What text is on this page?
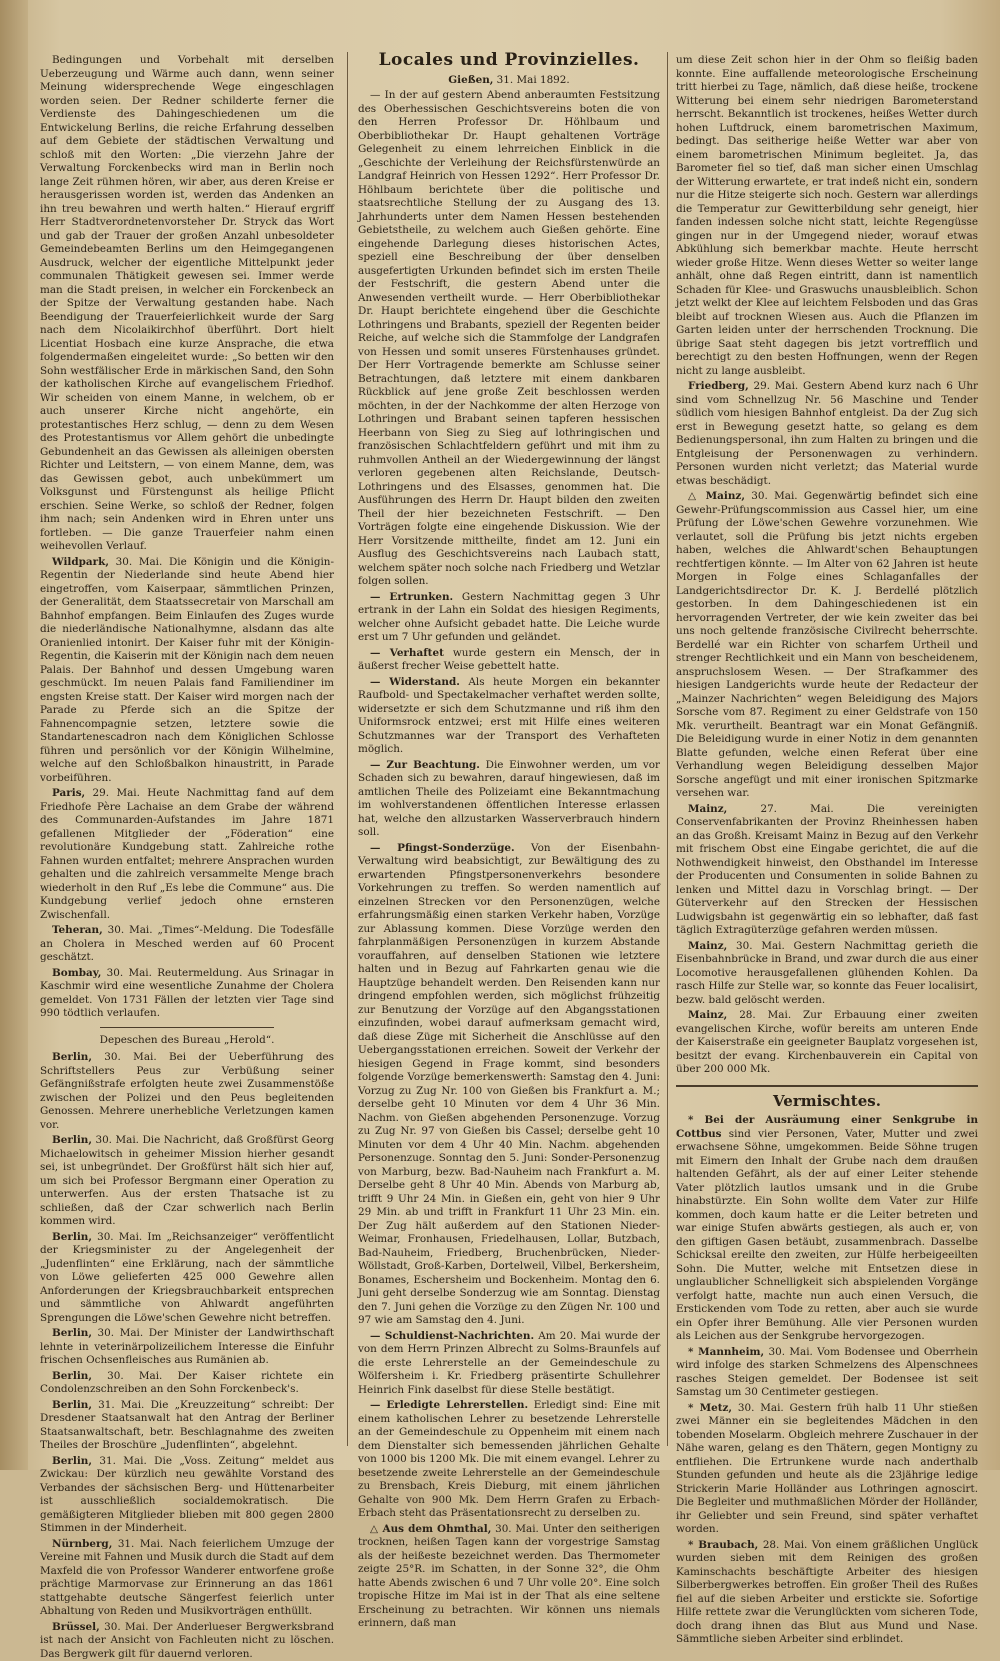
Bedingungen und Vorbehalt mit derselben Ueberzeugung und Wärme auch dann, wenn seiner Meinung widersprechende Wege eingeschlagen worden seien. Der Redner schilderte ferner die Verdienste des Dahingeschiedenen um die Entwickelung Berlins, die reiche Erfahrung desselben auf dem Gebiete der städtischen Verwaltung und schloß mit den Worten: „Die vierzehn Jahre der Verwaltung Forckenbecks wird man in Berlin noch lange Zeit rühmen hören, wir aber, aus deren Kreise er herausgerissen worden ist, werden das Andenken an ihn treu bewahren und werth halten.“ Hierauf ergriff Herr Stadtverordnetenvorsteher Dr. Stryck das Wort und gab der Trauer der großen Anzahl unbesoldeter Gemeindebeamten Berlins um den Heimgegangenen Ausdruck, welcher der eigentliche Mittelpunkt jeder communalen Thätigkeit gewesen sei. Immer werde man die Stadt preisen, in welcher ein Forckenbeck an der Spitze der Verwaltung gestanden habe. Nach Beendigung der Trauerfeierlichkeit wurde der Sarg nach dem Nicolaikirchhof überführt. Dort hielt Licentiat Hosbach eine kurze Ansprache, die etwa folgendermaßen eingeleitet wurde: „So betten wir den Sohn westfälischer Erde in märkischen Sand, den Sohn der katholischen Kirche auf evangelischem Friedhof. Wir scheiden von einem Manne, in welchem, ob er auch unserer Kirche nicht angehörte, ein protestantisches Herz schlug, — denn zu dem Wesen des Protestantismus vor Allem gehört die unbedingte Gebundenheit an das Gewissen als alleinigen obersten Richter und Leitstern, — von einem Manne, dem, was das Gewissen gebot, auch unbekümmert um Volksgunst und Fürstengunst als heilige Pflicht erschien. Seine Werke, so schloß der Redner, folgen ihm nach; sein Andenken wird in Ehren unter uns fortleben. — Die ganze Trauerfeier nahm einen weihevollen Verlauf.

Wildpark, 30. Mai. Die Königin und die Königin-Regentin der Niederlande sind heute Abend hier eingetroffen, vom Kaiserpaar, sämmtlichen Prinzen, der Generalität, dem Staatssecretair von Marschall am Bahnhof empfangen. Beim Einlaufen des Zuges wurde die niederländische Nationalhymne, alsdann das alte Oranienlied intonirt. Der Kaiser fuhr mit der Königin-Regentin, die Kaiserin mit der Königin nach dem neuen Palais. Der Bahnhof und dessen Umgebung waren geschmückt. Im neuen Palais fand Familiendiner im engsten Kreise statt. Der Kaiser wird morgen nach der Parade zu Pferde sich an die Spitze der Fahnencompagnie setzen, letztere sowie die Standartenescadron nach dem Königlichen Schlosse führen und persönlich vor der Königin Wilhelmine, welche auf den Schloßbalkon hinaustritt, in Parade vorbeiführen.

Paris, 29. Mai. Heute Nachmittag fand auf dem Friedhofe Père Lachaise an dem Grabe der während des Communarden-Aufstandes im Jahre 1871 gefallenen Mitglieder der „Föderation“ eine revolutionäre Kundgebung statt. Zahlreiche rothe Fahnen wurden entfaltet; mehrere Ansprachen wurden gehalten und die zahlreich versammelte Menge brach wiederholt in den Ruf „Es lebe die Commune“ aus. Die Kundgebung verlief jedoch ohne ernsteren Zwischenfall.

Teheran, 30. Mai. „Times“-Meldung. Die Todesfälle an Cholera in Mesched werden auf 60 Procent geschätzt.

Bombay, 30. Mai. Reutermeldung. Aus Srinagar in Kaschmir wird eine wesentliche Zunahme der Cholera gemeldet. Von 1731 Fällen der letzten vier Tage sind 990 tödtlich verlaufen.

Depeschen des Bureau „Herold“.

Berlin, 30. Mai. Bei der Ueberführung des Schriftstellers Peus zur Verbüßung seiner Gefängnißstrafe erfolgten heute zwei Zusammenstöße zwischen der Polizei und den Peus begleitenden Genossen. Mehrere unerhebliche Verletzungen kamen vor.

Berlin, 30. Mai. Die Nachricht, daß Großfürst Georg Michaelowitsch in geheimer Mission hierher gesandt sei, ist unbegründet. Der Großfürst hält sich hier auf, um sich bei Professor Bergmann einer Operation zu unterwerfen. Aus der ersten Thatsache ist zu schließen, daß der Czar schwerlich nach Berlin kommen wird.

Berlin, 30. Mai. Im „Reichsanzeiger“ veröffentlicht der Kriegsminister zu der Angelegenheit der „Judenflinten“ eine Erklärung, nach der sämmtliche von Löwe gelieferten 425 000 Gewehre allen Anforderungen der Kriegsbrauchbarkeit entsprechen und sämmtliche von Ahlwardt angeführten Sprengungen die Löwe'schen Gewehre nicht betreffen.

Berlin, 30. Mai. Der Minister der Landwirthschaft lehnte in veterinärpolizeilichem Interesse die Einfuhr frischen Ochsenfleisches aus Rumänien ab.

Berlin, 30. Mai. Der Kaiser richtete ein Condolenzschreiben an den Sohn Forckenbeck's.

Berlin, 31. Mai. Die „Kreuzzeitung“ schreibt: Der Dresdener Staatsanwalt hat den Antrag der Berliner Staatsanwaltschaft, betr. Beschlagnahme des zweiten Theiles der Broschüre „Judenflinten“, abgelehnt.

Berlin, 31. Mai. Die „Voss. Zeitung“ meldet aus Zwickau: Der kürzlich neu gewählte Vorstand des Verbandes der sächsischen Berg- und Hüttenarbeiter ist ausschließlich socialdemokratisch. Die gemäßigteren Mitglieder blieben mit 800 gegen 2800 Stimmen in der Minderheit.

Nürnberg, 31. Mai. Nach feierlichem Umzuge der Vereine mit Fahnen und Musik durch die Stadt auf dem Maxfeld die von Professor Wanderer entworfene große prächtige Marmorvase zur Erinnerung an das 1861 stattgehabte deutsche Sängerfest feierlich unter Abhaltung von Reden und Musikvorträgen enthüllt.

Brüssel, 30. Mai. Der Anderlueser Bergwerksbrand ist nach der Ansicht von Fachleuten nicht zu löschen. Das Bergwerk gilt für dauernd verloren.

Locales und Provinzielles.

Gießen, 31. Mai 1892.

— In der auf gestern Abend anberaumten Festsitzung des Oberhessischen Geschichtsvereins boten die von den Herren Professor Dr. Höhlbaum und Oberbibliothekar Dr. Haupt gehaltenen Vorträge Gelegenheit zu einem lehrreichen Einblick in die „Geschichte der Verleihung der Reichsfürstenwürde an Landgraf Heinrich von Hessen 1292“. Herr Professor Dr. Höhlbaum berichtete über die politische und staatsrechtliche Stellung der zu Ausgang des 13. Jahrhunderts unter dem Namen Hessen bestehenden Gebietstheile, zu welchem auch Gießen gehörte. Eine eingehende Darlegung dieses historischen Actes, speziell eine Beschreibung der über denselben ausgefertigten Urkunden befindet sich im ersten Theile der Festschrift, die gestern Abend unter die Anwesenden vertheilt wurde. — Herr Oberbibliothekar Dr. Haupt berichtete eingehend über die Geschichte Lothringens und Brabants, speziell der Regenten beider Reiche, auf welche sich die Stammfolge der Landgrafen von Hessen und somit unseres Fürstenhauses gründet. Der Herr Vortragende bemerkte am Schlusse seiner Betrachtungen, daß letztere mit einem dankbaren Rückblick auf jene große Zeit beschlossen werden möchten, in der der Nachkomme der alten Herzoge von Lothringen und Brabant seinen tapferen hessischen Heerbann von Sieg zu Sieg auf lothringischen und französischen Schlachtfeldern geführt und mit ihm zu ruhmvollen Antheil an der Wiedergewinnung der längst verloren gegebenen alten Reichslande, Deutsch-Lothringens und des Elsasses, genommen hat. Die Ausführungen des Herrn Dr. Haupt bilden den zweiten Theil der hier bezeichneten Festschrift. — Den Vorträgen folgte eine eingehende Diskussion. Wie der Herr Vorsitzende mittheilte, findet am 12. Juni ein Ausflug des Geschichtsvereins nach Laubach statt, welchem später noch solche nach Friedberg und Wetzlar folgen sollen.

— Ertrunken. Gestern Nachmittag gegen 3 Uhr ertrank in der Lahn ein Soldat des hiesigen Regiments, welcher ohne Aufsicht gebadet hatte. Die Leiche wurde erst um 7 Uhr gefunden und geländet.

— Verhaftet wurde gestern ein Mensch, der in äußerst frecher Weise gebettelt hatte.

— Widerstand. Als heute Morgen ein bekannter Raufbold- und Spectakelmacher verhaftet werden sollte, widersetzte er sich dem Schutzmanne und riß ihm den Uniformsrock entzwei; erst mit Hilfe eines weiteren Schutzmannes war der Transport des Verhafteten möglich.

— Zur Beachtung. Die Einwohner werden, um vor Schaden sich zu bewahren, darauf hingewiesen, daß im amtlichen Theile des Polizeiamt eine Bekanntmachung im wohlverstandenen öffentlichen Interesse erlassen hat, welche den allzustarken Wasserverbrauch hindern soll.

— Pfingst-Sonderzüge. Von der Eisenbahn-Verwaltung wird beabsichtigt, zur Bewältigung des zu erwartenden Pfingstpersonenverkehrs besondere Vorkehrungen zu treffen. So werden namentlich auf einzelnen Strecken vor den Personenzügen, welche erfahrungsmäßig einen starken Verkehr haben, Vorzüge zur Ablassung kommen. Diese Vorzüge werden den fahrplanmäßigen Personenzügen in kurzem Abstande vorauffahren, auf denselben Stationen wie letztere halten und in Bezug auf Fahrkarten genau wie die Hauptzüge behandelt werden. Den Reisenden kann nur dringend empfohlen werden, sich möglichst frühzeitig zur Benutzung der Vorzüge auf den Abgangsstationen einzufinden, wobei darauf aufmerksam gemacht wird, daß diese Züge mit Sicherheit die Anschlüsse auf den Uebergangsstationen erreichen. Soweit der Verkehr der hiesigen Gegend in Frage kommt, sind besonders folgende Vorzüge bemerkenswerth: Samstag den 4. Juni: Vorzug zu Zug Nr. 100 von Gießen bis Frankfurt a. M.; derselbe geht 10 Minuten vor dem 4 Uhr 36 Min. Nachm. von Gießen abgehenden Personenzuge. Vorzug zu Zug Nr. 97 von Gießen bis Cassel; derselbe geht 10 Minuten vor dem 4 Uhr 40 Min. Nachm. abgehenden Personenzuge. Sonntag den 5. Juni: Sonder-Personenzug von Marburg, bezw. Bad-Nauheim nach Frankfurt a. M. Derselbe geht 8 Uhr 40 Min. Abends von Marburg ab, trifft 9 Uhr 24 Min. in Gießen ein, geht von hier 9 Uhr 29 Min. ab und trifft in Frankfurt 11 Uhr 23 Min. ein. Der Zug hält außerdem auf den Stationen Nieder-Weimar, Fronhausen, Friedelhausen, Lollar, Butzbach, Bad-Nauheim, Friedberg, Bruchenbrücken, Nieder-Wöllstadt, Groß-Karben, Dortelweil, Vilbel, Berkersheim, Bonames, Eschersheim und Bockenheim. Montag den 6. Juni geht derselbe Sonderzug wie am Sonntag. Dienstag den 7. Juni gehen die Vorzüge zu den Zügen Nr. 100 und 97 wie am Samstag den 4. Juni.

— Schuldienst-Nachrichten. Am 20. Mai wurde der von dem Herrn Prinzen Albrecht zu Solms-Braunfels auf die erste Lehrerstelle an der Gemeindeschule zu Wölfersheim i. Kr. Friedberg präsentirte Schullehrer Heinrich Fink daselbst für diese Stelle bestätigt.

— Erledigte Lehrerstellen. Erledigt sind: Eine mit einem katholischen Lehrer zu besetzende Lehrerstelle an der Gemeindeschule zu Oppenheim mit einem nach dem Dienstalter sich bemessenden jährlichen Gehalte von 1000 bis 1200 Mk. Die mit einem evangel. Lehrer zu besetzende zweite Lehrerstelle an der Gemeindeschule zu Brensbach, Kreis Dieburg, mit einem jährlichen Gehalte von 900 Mk. Dem Herrn Grafen zu Erbach-Erbach steht das Präsentationsrecht zu derselben zu.

△ Aus dem Ohmthal, 30. Mai. Unter den seitherigen trocknen, heißen Tagen kann der vorgestrige Samstag als der heißeste bezeichnet werden. Das Thermometer zeigte 25°R. im Schatten, in der Sonne 32°, die Ohm hatte Abends zwischen 6 und 7 Uhr volle 20°. Eine solch tropische Hitze im Mai ist in der That als eine seltene Erscheinung zu betrachten. Wir können uns niemals erinnern, daß man

um diese Zeit schon hier in der Ohm so fleißig baden konnte. Eine auffallende meteorologische Erscheinung tritt hierbei zu Tage, nämlich, daß diese heiße, trockene Witterung bei einem sehr niedrigen Barometerstand herrscht. Bekanntlich ist trockenes, heißes Wetter durch hohen Luftdruck, einem barometrischen Maximum, bedingt. Das seitherige heiße Wetter war aber von einem barometrischen Minimum begleitet. Ja, das Barometer fiel so tief, daß man sicher einen Umschlag der Witterung erwartete, er trat indeß nicht ein, sondern nur die Hitze steigerte sich noch. Gestern war allerdings die Temperatur zur Gewitterbildung sehr geneigt, hier fanden indessen solche nicht statt, leichte Regengüsse gingen nur in der Umgegend nieder, worauf etwas Abkühlung sich bemerkbar machte. Heute herrscht wieder große Hitze. Wenn dieses Wetter so weiter lange anhält, ohne daß Regen eintritt, dann ist namentlich Schaden für Klee- und Graswuchs unausbleiblich. Schon jetzt welkt der Klee auf leichtem Felsboden und das Gras bleibt auf trocknen Wiesen aus. Auch die Pflanzen im Garten leiden unter der herrschenden Trocknung. Die übrige Saat steht dagegen bis jetzt vortrefflich und berechtigt zu den besten Hoffnungen, wenn der Regen nicht zu lange ausbleibt.

Friedberg, 29. Mai. Gestern Abend kurz nach 6 Uhr sind vom Schnellzug Nr. 56 Maschine und Tender südlich vom hiesigen Bahnhof entgleist. Da der Zug sich erst in Bewegung gesetzt hatte, so gelang es dem Bedienungspersonal, ihn zum Halten zu bringen und die Entgleisung der Personenwagen zu verhindern. Personen wurden nicht verletzt; das Material wurde etwas beschädigt.

△ Mainz, 30. Mai. Gegenwärtig befindet sich eine Gewehr-Prüfungscommission aus Cassel hier, um eine Prüfung der Löwe'schen Gewehre vorzunehmen. Wie verlautet, soll die Prüfung bis jetzt nichts ergeben haben, welches die Ahlwardt'schen Behauptungen rechtfertigen könnte. — Im Alter von 62 Jahren ist heute Morgen in Folge eines Schlaganfalles der Landgerichtsdirector Dr. K. J. Berdellé plötzlich gestorben. In dem Dahingeschiedenen ist ein hervorragenden Vertreter, der wie kein zweiter das bei uns noch geltende französische Civilrecht beherrschte. Berdellé war ein Richter von scharfem Urtheil und strenger Rechtlichkeit und ein Mann von bescheidenem, anspruchslosem Wesen. — Der Strafkammer des hiesigen Landgerichts wurde heute der Redacteur der „Mainzer Nachrichten“ wegen Beleidigung des Majors Sorsche vom 87. Regiment zu einer Geldstrafe von 150 Mk. verurtheilt. Beantragt war ein Monat Gefängniß. Die Beleidigung wurde in einer Notiz in dem genannten Blatte gefunden, welche einen Referat über eine Verhandlung wegen Beleidigung desselben Major Sorsche angefügt und mit einer ironischen Spitzmarke versehen war.

Mainz, 27. Mai. Die vereinigten Conservenfabrikanten der Provinz Rheinhessen haben an das Großh. Kreisamt Mainz in Bezug auf den Verkehr mit frischem Obst eine Eingabe gerichtet, die auf die Nothwendigkeit hinweist, den Obsthandel im Interesse der Producenten und Consumenten in solide Bahnen zu lenken und Mittel dazu in Vorschlag bringt. — Der Güterverkehr auf den Strecken der Hessischen Ludwigsbahn ist gegenwärtig ein so lebhafter, daß fast täglich Extragüterzüge gefahren werden müssen.

Mainz, 30. Mai. Gestern Nachmittag gerieth die Eisenbahnbrücke in Brand, und zwar durch die aus einer Locomotive herausgefallenen glühenden Kohlen. Da rasch Hilfe zur Stelle war, so konnte das Feuer localisirt, bezw. bald gelöscht werden.

Mainz, 28. Mai. Zur Erbauung einer zweiten evangelischen Kirche, wofür bereits am unteren Ende der Kaiserstraße ein geeigneter Bauplatz vorgesehen ist, besitzt der evang. Kirchenbauverein ein Capital von über 200 000 Mk.

Vermischtes.

* Bei der Ausräumung einer Senkgrube in Cottbus sind vier Personen, Vater, Mutter und zwei erwachsene Söhne, umgekommen. Beide Söhne trugen mit Eimern den Inhalt der Grube nach dem draußen haltenden Gefährt, als der auf einer Leiter stehende Vater plötzlich lautlos umsank und in die Grube hinabstürzte. Ein Sohn wollte dem Vater zur Hilfe kommen, doch kaum hatte er die Leiter betreten und war einige Stufen abwärts gestiegen, als auch er, von den giftigen Gasen betäubt, zusammenbrach. Dasselbe Schicksal ereilte den zweiten, zur Hülfe herbeigeeilten Sohn. Die Mutter, welche mit Entsetzen diese in unglaublicher Schnelligkeit sich abspielenden Vorgänge verfolgt hatte, machte nun auch einen Versuch, die Erstickenden vom Tode zu retten, aber auch sie wurde ein Opfer ihrer Bemühung. Alle vier Personen wurden als Leichen aus der Senkgrube hervorgezogen.

* Mannheim, 30. Mai. Vom Bodensee und Oberrhein wird infolge des starken Schmelzens des Alpenschnees rasches Steigen gemeldet. Der Bodensee ist seit Samstag um 30 Centimeter gestiegen.

* Metz, 30. Mai. Gestern früh halb 11 Uhr stießen zwei Männer ein sie begleitendes Mädchen in den tobenden Moselarm. Obgleich mehrere Zuschauer in der Nähe waren, gelang es den Thätern, gegen Montigny zu entfliehen. Die Ertrunkene wurde nach anderthalb Stunden gefunden und heute als die 23jährige ledige Strickerin Marie Holländer aus Lothringen agnoscirt. Die Begleiter und muthmaßlichen Mörder der Holländer, ihr Geliebter und sein Freund, sind später verhaftet worden.

* Braubach, 28. Mai. Von einem gräßlichen Unglück wurden sieben mit dem Reinigen des großen Kaminschachts beschäftigte Arbeiter des hiesigen Silberbergwerkes betroffen. Ein großer Theil des Rußes fiel auf die sieben Arbeiter und erstickte sie. Sofortige Hilfe rettete zwar die Verunglückten vom sicheren Tode, doch drang ihnen das Blut aus Mund und Nase. Sämmtliche sieben Arbeiter sind erblindet.
